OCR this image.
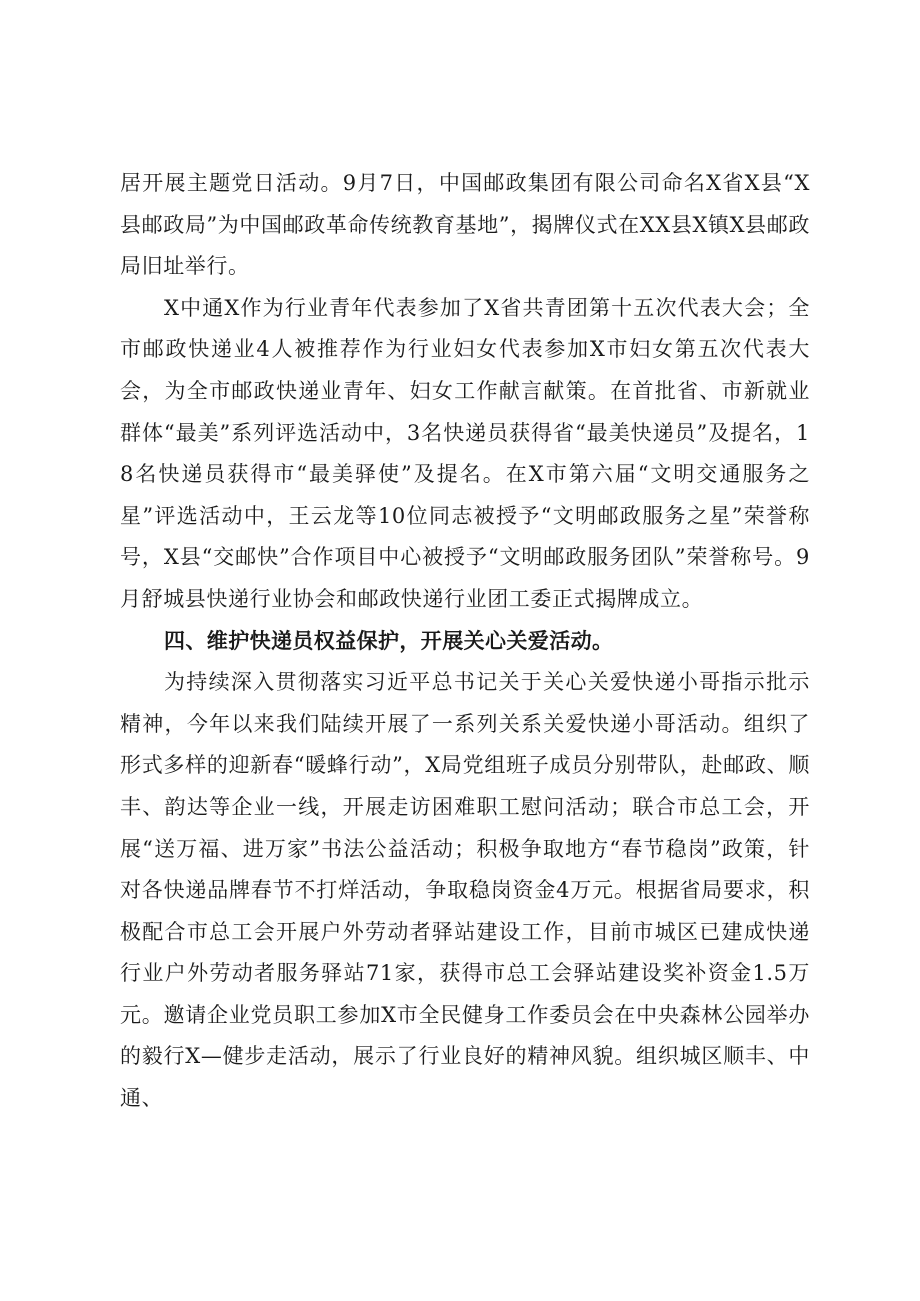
居开展主题党日活动。9月7日，中国邮政集团有限公司命名X省X县“X县邮政局”为中国邮政革命传统教育基地”，揭牌仪式在XX县X镇X县邮政局旧址举行。

X中通X作为行业青年代表参加了X省共青团第十五次代表大会；全市邮政快递业4人被推荐作为行业妇女代表参加X市妇女第五次代表大会，为全市邮政快递业青年、妇女工作献言献策。在首批省、市新就业群体“最美”系列评选活动中，3名快递员获得省“最美快递员”及提名，18名快递员获得市“最美驿使”及提名。在X市第六届“文明交通服务之星”评选活动中，王云龙等10位同志被授予“文明邮政服务之星”荣誉称号，X县“交邮快”合作项目中心被授予“文明邮政服务团队”荣誉称号。9月舒城县快递行业协会和邮政快递行业团工委正式揭牌成立。

四、维护快递员权益保护，开展关心关爱活动。

为持续深入贯彻落实习近平总书记关于关心关爱快递小哥指示批示精神，今年以来我们陆续开展了一系列关系关爱快递小哥活动。组织了形式多样的迎新春“暖蜂行动”，X局党组班子成员分别带队，赴邮政、顺丰、韵达等企业一线，开展走访困难职工慰问活动；联合市总工会，开展“送万福、进万家”书法公益活动；积极争取地方“春节稳岗”政策，针对各快递品牌春节不打烊活动，争取稳岗资金4万元。根据省局要求，积极配合市总工会开展户外劳动者驿站建设工作，目前市城区已建成快递行业户外劳动者服务驿站71家，获得市总工会驿站建设奖补资金1.5万元。邀请企业党员职工参加X市全民健身工作委员会在中央森林公园举办的毅行X—健步走活动，展示了行业良好的精神风貌。组织城区顺丰、中通、
